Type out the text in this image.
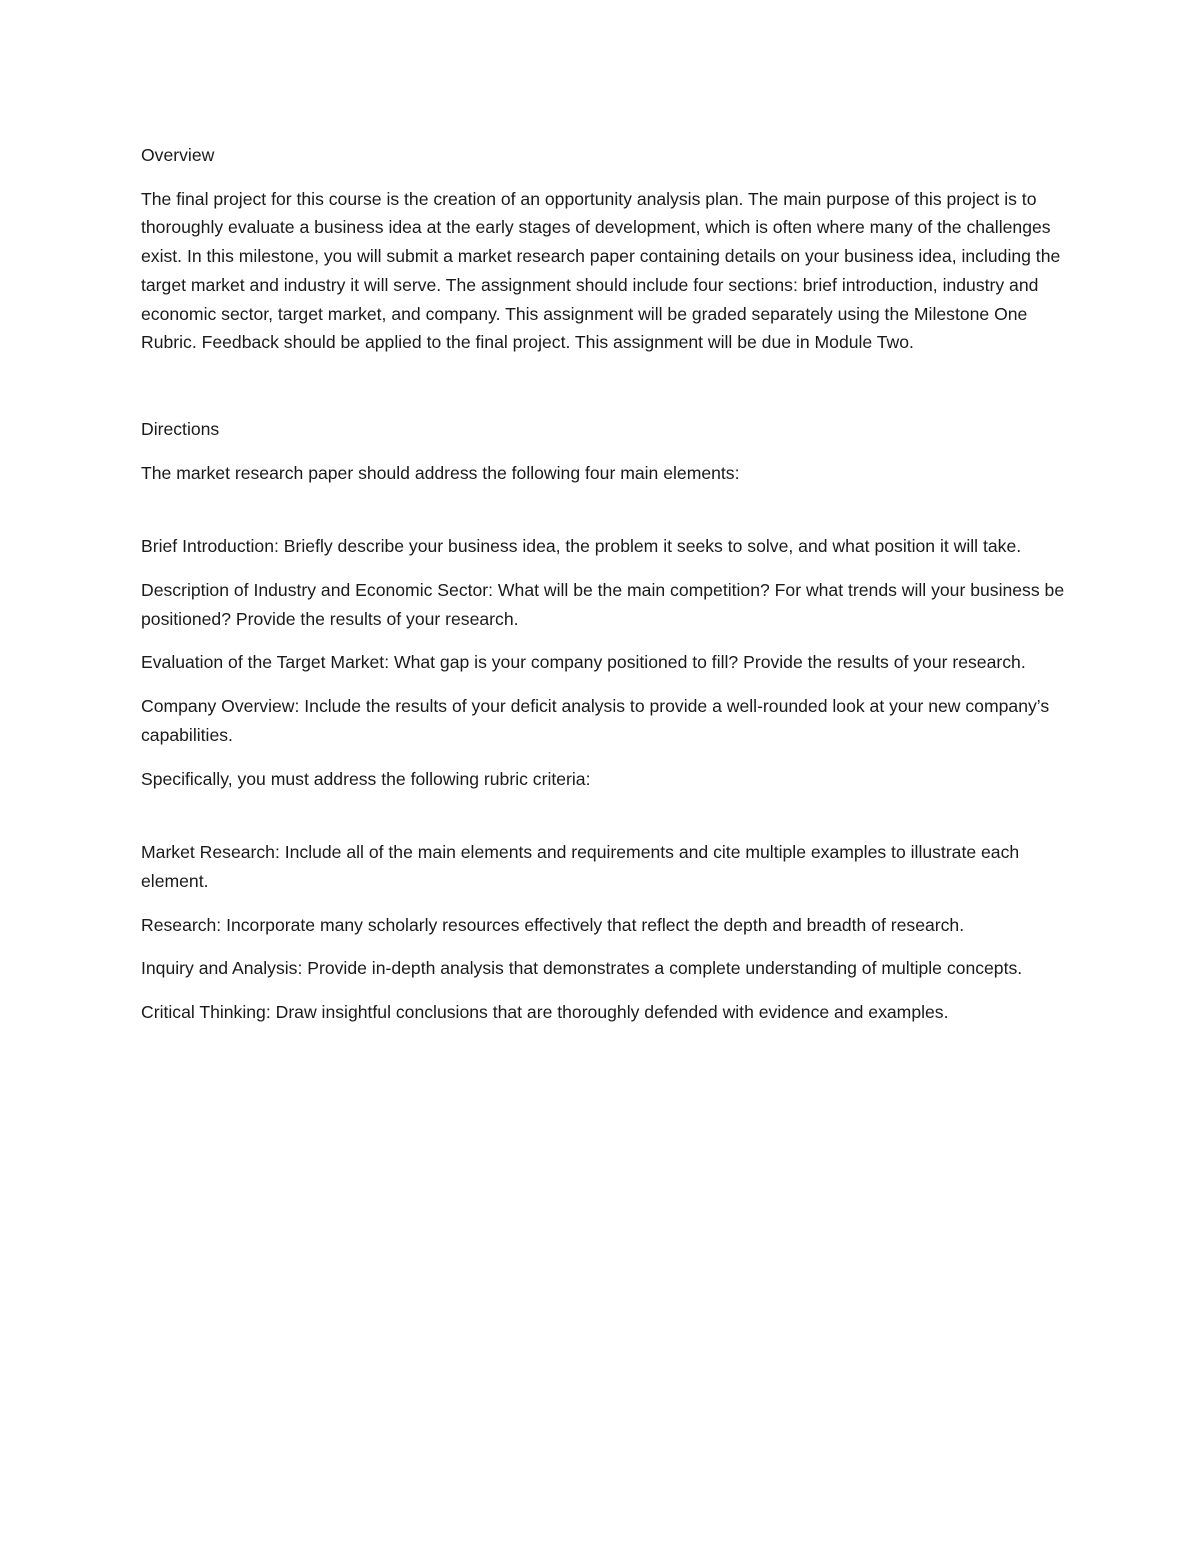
Overview

The final project for this course is the creation of an opportunity analysis plan. The main purpose of this project is to thoroughly evaluate a business idea at the early stages of development, which is often where many of the challenges exist. In this milestone, you will submit a market research paper containing details on your business idea, including the target market and industry it will serve. The assignment should include four sections: brief introduction, industry and economic sector, target market, and company. This assignment will be graded separately using the Milestone One Rubric. Feedback should be applied to the final project. This assignment will be due in Module Two.

Directions

The market research paper should address the following four main elements:

Brief Introduction: Briefly describe your business idea, the problem it seeks to solve, and what position it will take.

Description of Industry and Economic Sector: What will be the main competition? For what trends will your business be positioned? Provide the results of your research.

Evaluation of the Target Market: What gap is your company positioned to fill? Provide the results of your research.

Company Overview: Include the results of your deficit analysis to provide a well-rounded look at your new company’s capabilities.

Specifically, you must address the following rubric criteria:

Market Research: Include all of the main elements and requirements and cite multiple examples to illustrate each element.

Research: Incorporate many scholarly resources effectively that reflect the depth and breadth of research.

Inquiry and Analysis: Provide in-depth analysis that demonstrates a complete understanding of multiple concepts.

Critical Thinking: Draw insightful conclusions that are thoroughly defended with evidence and examples.
